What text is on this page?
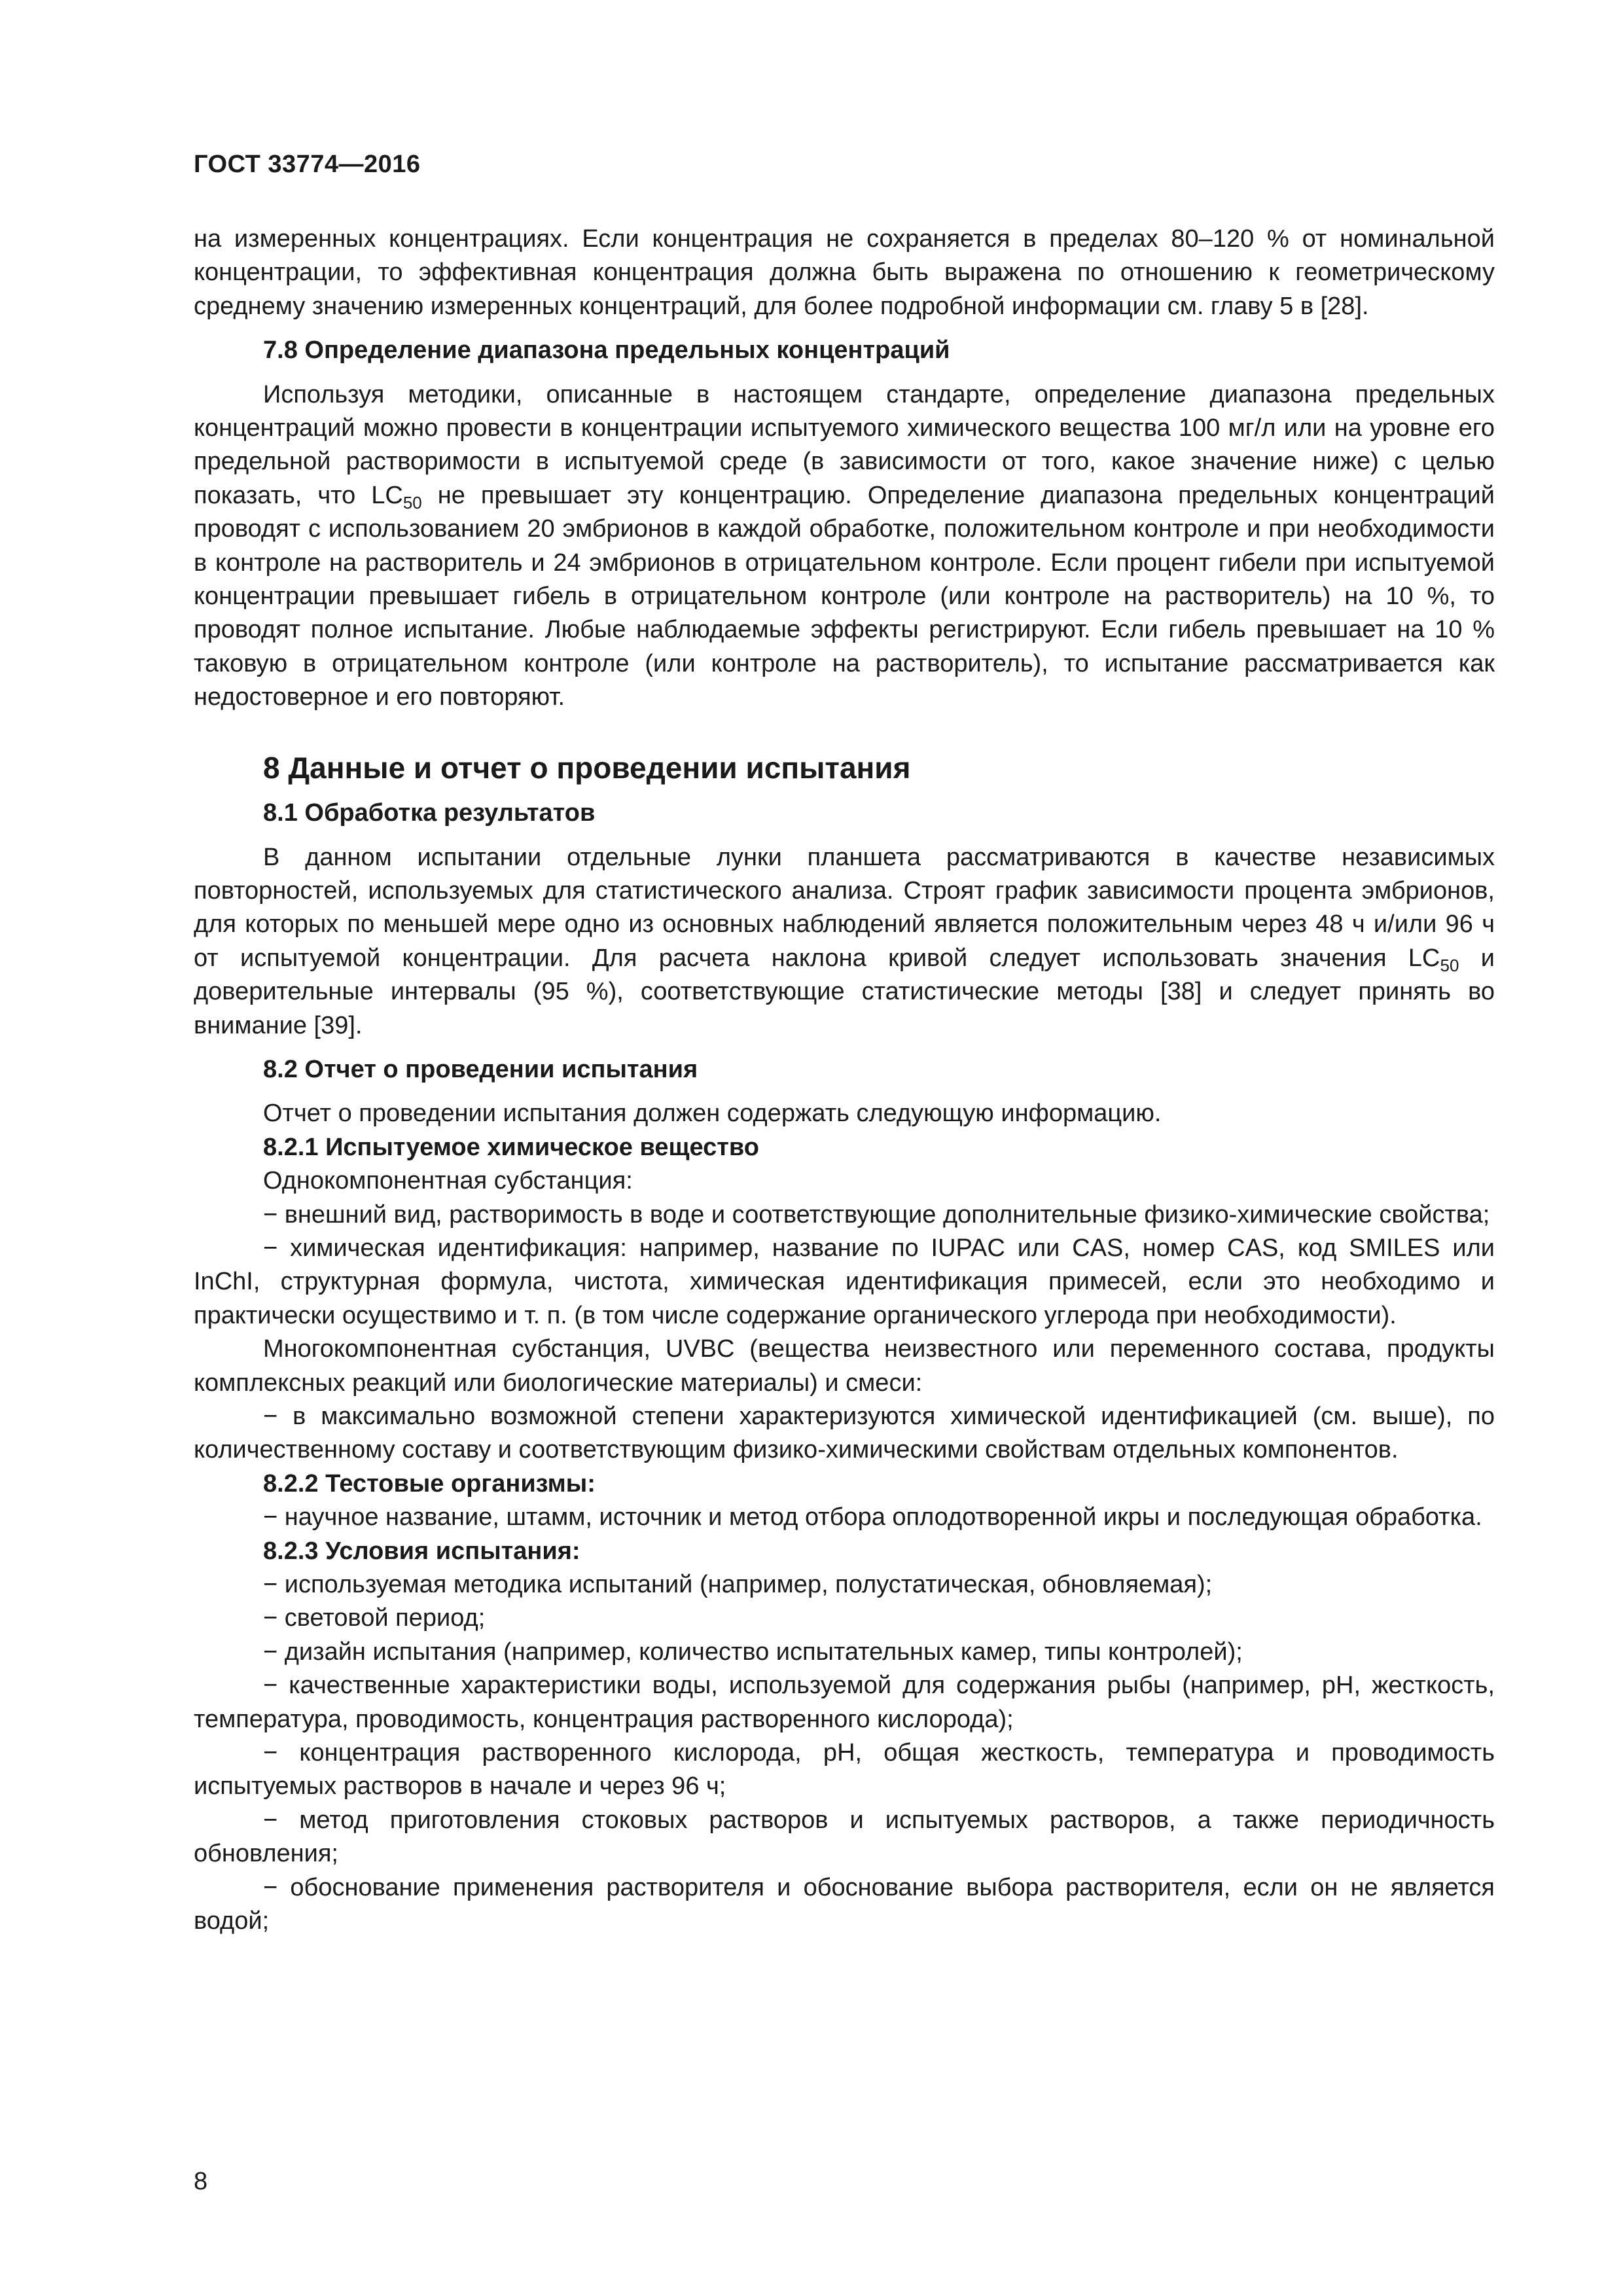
ГОСТ 33774—2016

на измеренных концентрациях. Если концентрация не сохраняется в пределах 80–120 % от номинальной концентрации, то эффективная концентрация должна быть выражена по отношению к геометрическому среднему значению измеренных концентраций, для более подробной информации см. главу 5 в [28].

7.8 Определение диапазона предельных концентраций

Используя методики, описанные в настоящем стандарте, определение диапазона предельных концентраций можно провести в концентрации испытуемого химического вещества 100 мг/л или на уровне его предельной растворимости в испытуемой среде (в зависимости от того, какое значение ниже) с целью показать, что $LC_{50}$ не превышает эту концентрацию. Определение диапазона предельных концентраций проводят с использованием 20 эмбрионов в каждой обработке, положительном контроле и при необходимости в контроле на растворитель и 24 эмбрионов в отрицательном контроле. Если процент гибели при испытуемой концентрации превышает гибель в отрицательном контроле (или контроле на растворитель) на 10 %, то проводят полное испытание. Любые наблюдаемые эффекты регистрируют. Если гибель превышает на 10 % таковую в отрицательном контроле (или контроле на растворитель), то испытание рассматривается как недостоверное и его повторяют.

8 Данные и отчет о проведении испытания

8.1 Обработка результатов

В данном испытании отдельные лунки планшета рассматриваются в качестве независимых повторностей, используемых для статистического анализа. Строят график зависимости процента эмбрионов, для которых по меньшей мере одно из основных наблюдений является положительным через 48 ч и/или 96 ч от испытуемой концентрации. Для расчета наклона кривой следует использовать значения $LC_{50}$ и доверительные интервалы (95 %), соответствующие статистические методы [38] и следует принять во внимание [39].

8.2 Отчет о проведении испытания

Отчет о проведении испытания должен содержать следующую информацию.

8.2.1 Испытуемое химическое вещество

Однокомпонентная субстанция:

− внешний вид, растворимость в воде и соответствующие дополнительные физико-химические свойства;

− химическая идентификация: например, название по IUPAC или CAS, номер CAS, код SMILES или InChI, структурная формула, чистота, химическая идентификация примесей, если это необходимо и практически осуществимо и т. п. (в том числе содержание органического углерода при необходимости).

Многокомпонентная субстанция, UVBC (вещества неизвестного или переменного состава, продукты комплексных реакций или биологические материалы) и смеси:

− в максимально возможной степени характеризуются химической идентификацией (см. выше), по количественному составу и соответствующим физико-химическими свойствам отдельных компонентов.

8.2.2 Тестовые организмы:

− научное название, штамм, источник и метод отбора оплодотворенной икры и последующая обработка.

8.2.3 Условия испытания:

− используемая методика испытаний (например, полустатическая, обновляемая);

− световой период;

− дизайн испытания (например, количество испытательных камер, типы контролей);

− качественные характеристики воды, используемой для содержания рыбы (например, pH, жесткость, температура, проводимость, концентрация растворенного кислорода);

− концентрация растворенного кислорода, pH, общая жесткость, температура и проводимость испытуемых растворов в начале и через 96 ч;

− метод приготовления стоковых растворов и испытуемых растворов, а также периодичность обновления;

− обоснование применения растворителя и обоснование выбора растворителя, если он не является водой;

8
